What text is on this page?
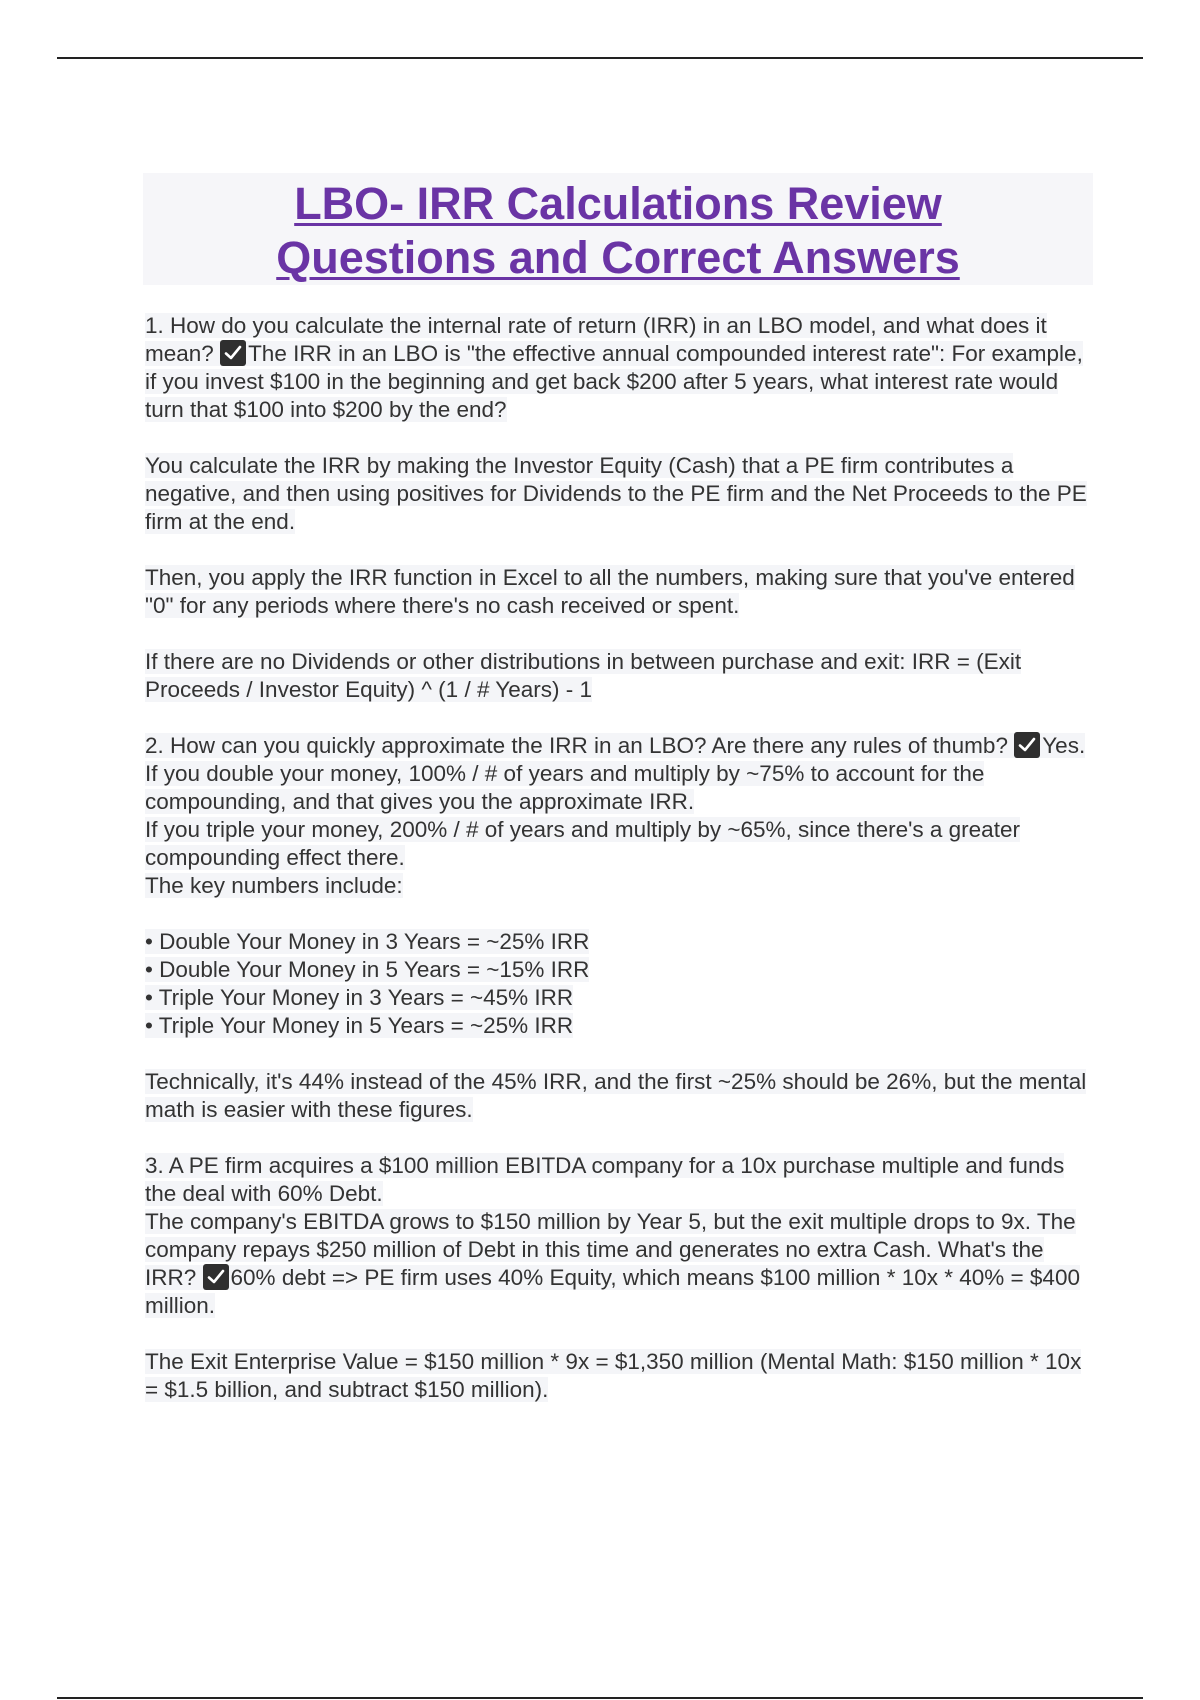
LBO- IRR Calculations Review
Questions and Correct Answers

1. How do you calculate the internal rate of return (IRR) in an LBO model, and what does it mean? The IRR in an LBO is "the effective annual compounded interest rate": For example, if you invest $100 in the beginning and get back $200 after 5 years, what interest rate would turn that $100 into $200 by the end?

You calculate the IRR by making the Investor Equity (Cash) that a PE firm contributes a negative, and then using positives for Dividends to the PE firm and the Net Proceeds to the PE firm at the end.

Then, you apply the IRR function in Excel to all the numbers, making sure that you've entered "0" for any periods where there's no cash received or spent.

If there are no Dividends or other distributions in between purchase and exit: IRR = (Exit Proceeds / Investor Equity) ^ (1 / # Years) - 1

2. How can you quickly approximate the IRR in an LBO? Are there any rules of thumb? Yes. If you double your money, 100% / # of years and multiply by ~75% to account for the compounding, and that gives you the approximate IRR.

If you triple your money, 200% / # of years and multiply by ~65%, since there's a greater compounding effect there.

The key numbers include:

• Double Your Money in 3 Years = ~25% IRR
• Double Your Money in 5 Years = ~15% IRR
• Triple Your Money in 3 Years = ~45% IRR
• Triple Your Money in 5 Years = ~25% IRR

Technically, it's 44% instead of the 45% IRR, and the first ~25% should be 26%, but the mental math is easier with these figures.

3. A PE firm acquires a $100 million EBITDA company for a 10x purchase multiple and funds the deal with 60% Debt.

The company's EBITDA grows to $150 million by Year 5, but the exit multiple drops to 9x. The company repays $250 million of Debt in this time and generates no extra Cash. What's the IRR? 60% debt => PE firm uses 40% Equity, which means $100 million * 10x * 40% = $400 million.

The Exit Enterprise Value = $150 million * 9x = $1,350 million (Mental Math: $150 million * 10x = $1.5 billion, and subtract $150 million).
